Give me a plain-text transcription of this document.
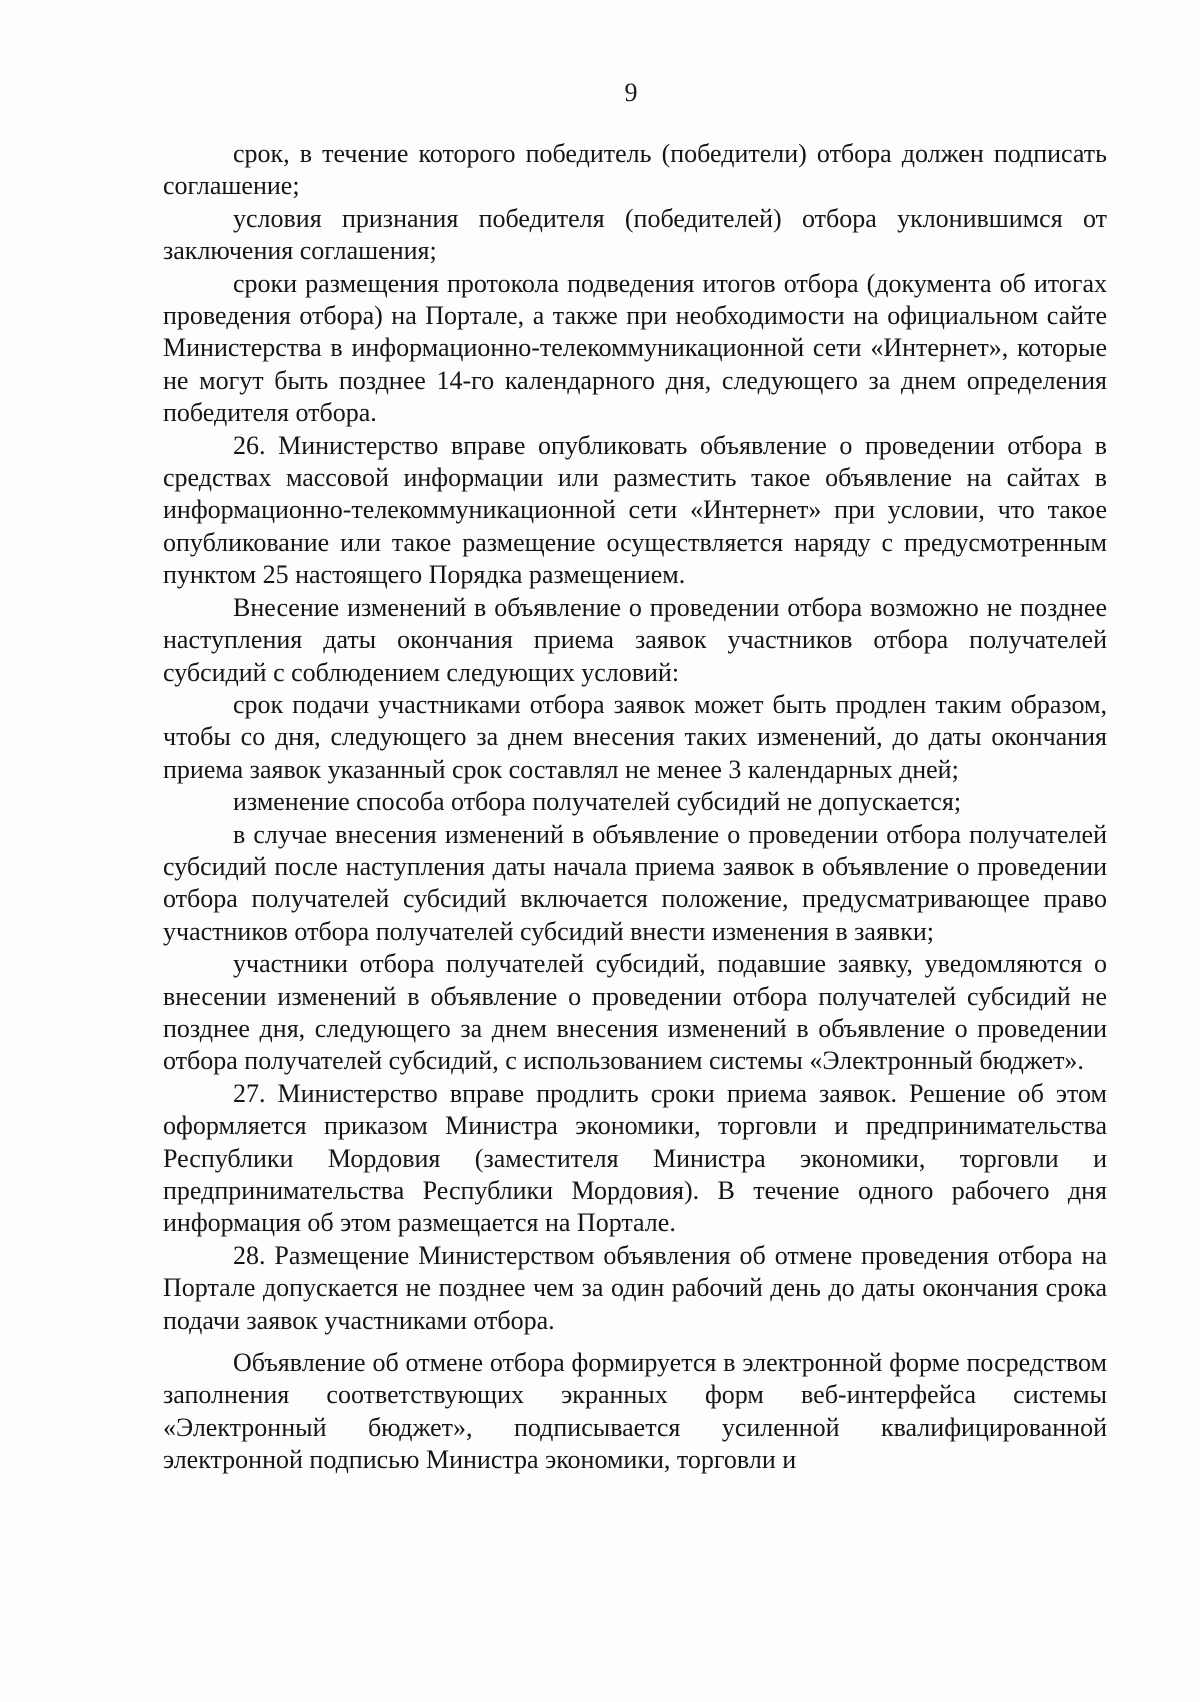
9

срок, в течение которого победитель (победители) отбора должен подписать соглашение;

условия признания победителя (победителей) отбора уклонившимся от заключения соглашения;

сроки размещения протокола подведения итогов отбора (документа об итогах проведения отбора) на Портале, а также при необходимости на официальном сайте Министерства в информационно-телекоммуникационной сети «Интернет», которые не могут быть позднее 14-го календарного дня, следующего за днем определения победителя отбора.

26. Министерство вправе опубликовать объявление о проведении отбора в средствах массовой информации или разместить такое объявление на сайтах в информационно-телекоммуникационной сети «Интернет» при условии, что такое опубликование или такое размещение осуществляется наряду с предусмотренным пунктом 25 настоящего Порядка размещением.

Внесение изменений в объявление о проведении отбора возможно не позднее наступления даты окончания приема заявок участников отбора получателей субсидий с соблюдением следующих условий:

срок подачи участниками отбора заявок может быть продлен таким образом, чтобы со дня, следующего за днем внесения таких изменений, до даты окончания приема заявок указанный срок составлял не менее 3 календарных дней;

изменение способа отбора получателей субсидий не допускается;

в случае внесения изменений в объявление о проведении отбора получателей субсидий после наступления даты начала приема заявок в объявление о проведении отбора получателей субсидий включается положение, предусматривающее право участников отбора получателей субсидий внести изменения в заявки;

участники отбора получателей субсидий, подавшие заявку, уведомляются о внесении изменений в объявление о проведении отбора получателей субсидий не позднее дня, следующего за днем внесения изменений в объявление о проведении отбора получателей субсидий, с использованием системы «Электронный бюджет».

27. Министерство вправе продлить сроки приема заявок. Решение об этом оформляется приказом Министра экономики, торговли и предпринимательства Республики Мордовия (заместителя Министра экономики, торговли и предпринимательства Республики Мордовия). В течение одного рабочего дня информация об этом размещается на Портале.

28. Размещение Министерством объявления об отмене проведения отбора на Портале допускается не позднее чем за один рабочий день до даты окончания срока подачи заявок участниками отбора.

Объявление об отмене отбора формируется в электронной форме посредством заполнения соответствующих экранных форм веб-интерфейса системы «Электронный бюджет», подписывается усиленной квалифицированной электронной подписью Министра экономики, торговли и
